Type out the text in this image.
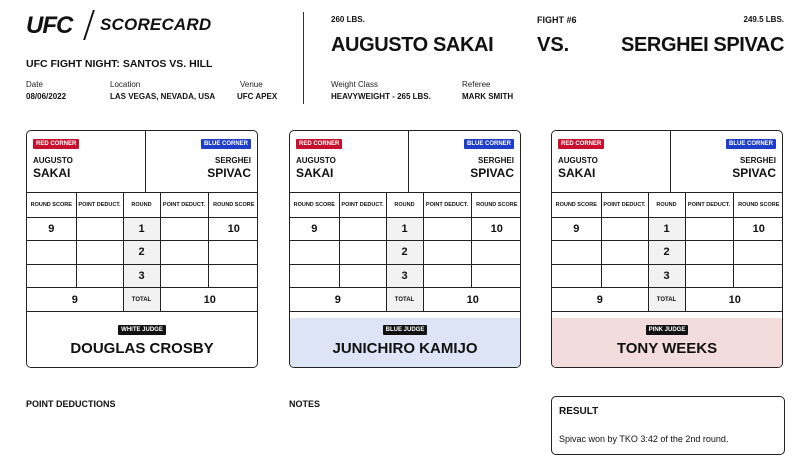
UFC SCORECARD
UFC FIGHT NIGHT: SANTOS VS. HILL
Date
08/06/2022
Location
LAS VEGAS, NEVADA, USA
Venue
UFC APEX
260 LBS.
AUGUSTO SAKAI
FIGHT #6
VS.
249.5 LBS.
SERGHEI SPIVAC
Weight Class
HEAVYWEIGHT - 265 LBS.
Referee
MARK SMITH
RED CORNER	BLUE CORNER
AUGUSTO
SAKAI
SERGHEI
SPIVAC
ROUND SCORE	POINT DEDUCT.	ROUND	POINT DEDUCT.	ROUND SCORE
9		1		10
		2		
		3		
9		TOTAL	10	
WHITE JUDGE
DOUGLAS CROSBY
RED CORNER	BLUE CORNER
AUGUSTO
SAKAI
SERGHEI
SPIVAC
ROUND SCORE	POINT DEDUCT.	ROUND	POINT DEDUCT.	ROUND SCORE
9		1		10
		2		
		3		
9		TOTAL	10	
BLUE JUDGE
JUNICHIRO KAMIJO
RED CORNER	BLUE CORNER
AUGUSTO
SAKAI
SERGHEI
SPIVAC
ROUND SCORE	POINT DEDUCT.	ROUND	POINT DEDUCT.	ROUND SCORE
9		1		10
		2		
		3		
9		TOTAL	10	
PINK JUDGE
TONY WEEKS
POINT DEDUCTIONS	NOTES
RESULT
Spivac won by TKO 3:42 of the 2nd round.
